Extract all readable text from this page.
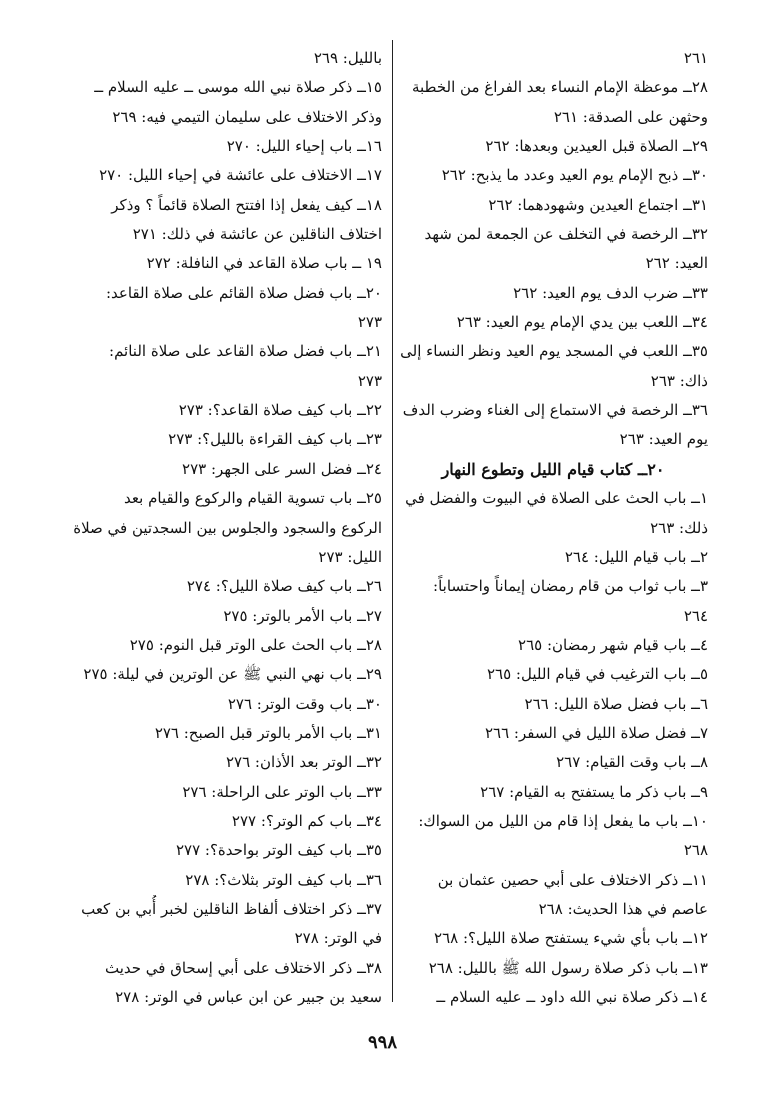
٢٦١
٢٨ــ موعظة الإمام النساء بعد الفراغ من الخطبة
وحثهن على الصدقة: ٢٦١
٢٩ــ الصلاة قبل العيدين وبعدها: ٢٦٢
٣٠ــ ذبح الإمام يوم العيد وعدد ما يذبح: ٢٦٢
٣١ــ اجتماع العيدين وشهودهما: ٢٦٢
٣٢ــ الرخصة في التخلف عن الجمعة لمن شهد
العيد: ٢٦٢
٣٣ــ ضرب الدف يوم العيد: ٢٦٢
٣٤ــ اللعب بين يدي الإمام يوم العيد: ٢٦٣
٣٥ــ اللعب في المسجد يوم العيد ونظر النساء إلى
ذاك: ٢٦٣
٣٦ــ الرخصة في الاستماع إلى الغناء وضرب الدف
يوم العيد: ٢٦٣
٢٠ــ كتاب قيام الليل وتطوع النهار
١ــ باب الحث على الصلاة في البيوت والفضل في
ذلك: ٢٦٣
٢ــ باب قيام الليل: ٢٦٤
٣ــ باب ثواب من قام رمضان إيماناً واحتساباً:
٢٦٤
٤ــ باب قيام شهر رمضان: ٢٦٥
٥ــ باب الترغيب في قيام الليل: ٢٦٥
٦ــ باب فضل صلاة الليل: ٢٦٦
٧ــ فضل صلاة الليل في السفر: ٢٦٦
٨ــ باب وقت القيام: ٢٦٧
٩ــ باب ذكر ما يستفتح به القيام: ٢٦٧
١٠ــ باب ما يفعل إذا قام من الليل من السواك:
٢٦٨
١١ــ ذكر الاختلاف على أبي حصين عثمان بن
عاصم في هذا الحديث: ٢٦٨
١٢ــ باب بأي شيء يستفتح صلاة الليل؟: ٢٦٨
١٣ــ باب ذكر صلاة رسول الله ﷺ بالليل: ٢٦٨
١٤ــ ذكر صلاة نبي الله داود ــ عليه السلام ــ
بالليل: ٢٦٩
١٥ــ ذكر صلاة نبي الله موسى ــ عليه السلام ــ
وذكر الاختلاف على سليمان التيمي فيه: ٢٦٩
١٦ــ باب إحياء الليل: ٢٧٠
١٧ــ الاختلاف على عائشة في إحياء الليل: ٢٧٠
١٨ــ كيف يفعل إذا افتتح الصلاة قائماً ؟ وذكر
اختلاف الناقلين عن عائشة في ذلك: ٢٧١
١٩ ــ باب صلاة القاعد في النافلة: ٢٧٢
٢٠ــ باب فضل صلاة القائم على صلاة القاعد:
٢٧٣
٢١ــ باب فضل صلاة القاعد على صلاة النائم:
٢٧٣
٢٢ــ باب كيف صلاة القاعد؟: ٢٧٣
٢٣ــ باب كيف القراءة بالليل؟: ٢٧٣
٢٤ــ فضل السر على الجهر: ٢٧٣
٢٥ــ باب تسوية القيام والركوع والقيام بعد
الركوع والسجود والجلوس بين السجدتين في صلاة
الليل: ٢٧٣
٢٦ــ باب كيف صلاة الليل؟: ٢٧٤
٢٧ــ باب الأمر بالوتر: ٢٧٥
٢٨ــ باب الحث على الوتر قبل النوم: ٢٧٥
٢٩ــ باب نهي النبي ﷺ عن الوترين في ليلة: ٢٧٥
٣٠ــ باب وقت الوتر: ٢٧٦
٣١ــ باب الأمر بالوتر قبل الصبح: ٢٧٦
٣٢ــ الوتر بعد الأذان: ٢٧٦
٣٣ــ باب الوتر على الراحلة: ٢٧٦
٣٤ــ باب كم الوتر؟: ٢٧٧
٣٥ــ باب كيف الوتر بواحدة؟: ٢٧٧
٣٦ــ باب كيف الوتر بثلاث؟: ٢٧٨
٣٧ــ ذكر اختلاف ألفاظ الناقلين لخبر أُبي بن كعب
في الوتر: ٢٧٨
٣٨ــ ذكر الاختلاف على أبي إسحاق في حديث
سعيد بن جبير عن ابن عباس في الوتر: ٢٧٨
٩٩٨
